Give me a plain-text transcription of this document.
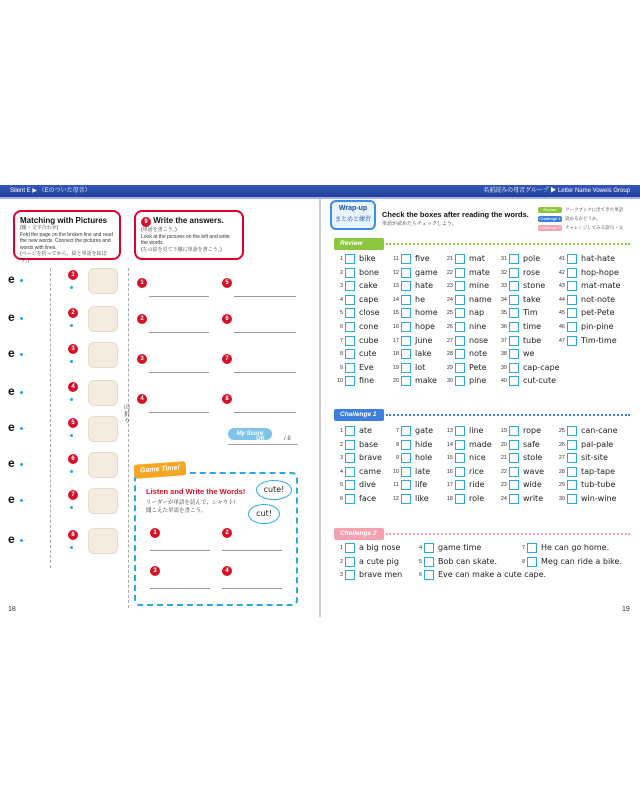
Silent E ▶ （Eのついた母音）	名前読みの母音グループ ▶ Letter Name Vowels Group
Matching with Pictures

(線・文字合わせ)

Fold the page on the broken line and read the new words. Connect the pictures and words with lines.

(ページを折ってから、絵と単語を結ぼう。)

9 Write the answers.

(単語を書こう。)

Look at the pictures on the left and write the words.

(左の絵を見て下線に単語を書こう。)

e	1
e	2
e	3
e	4
e	5
e	6
e	7
e	8
1	5
2	6
3	7
4	8
山折り
My Score
OK	/ 8
Game Time!
Listen and Write the Words!
リーダーが単語を読んで、シャウト!
聞こえた単語を書こう。
cute!
cut!
1	2
3	4
18
Wrap-up
まとめと練習
Check the boxes after reading the words.
単語が読めたらチェックしよう。
Review ワークブックに出てきた単語
Challenge 1 読めるかどうか。
Challenge 2 チャレンジしてみる語句・文
Review
Challenge 1
Challenge 2
1 bike
2 bone
3 cake
4 cape
5 close
6 cone
7 cube
8 cute
9 Eve
10 fine
11 five
12 game
13 hate
14 he
15 home
16 hope
17 June
18 lake
19 lot
20 make
21 mat
22 mate
23 mine
24 name
25 nap
26 nine
27 nose
28 note
29 Pete
30 pine
31 pole
32 rose
33 stone
34 take
35 Tim
36 time
37 tube
38 we
39 cap-cape
40 cut-cute
41 hat-hate
42 hop-hope
43 mat-mate
44 not-note
45 pet-Pete
46 pin-pine
47 Tim-time
1 ate
2 base
3 brave
4 came
5 dive
6 face
7 gate
8 hide
9 hole
10 late
11 life
12 like
13 line
14 made
15 nice
16 rice
17 ride
18 role
19 rope
20 safe
21 stole
22 wave
23 wide
24 write
25 can-cane
26 pal-pale
27 sit-site
28 tap-tape
29 tub-tube
30 win-wine
1 a big nose
2 a cute pig
3 brave men
4 game time
5 Bob can skate.
6 Eve can make a cute cape.
7 He can go home.
8 Meg can ride a bike.
19
